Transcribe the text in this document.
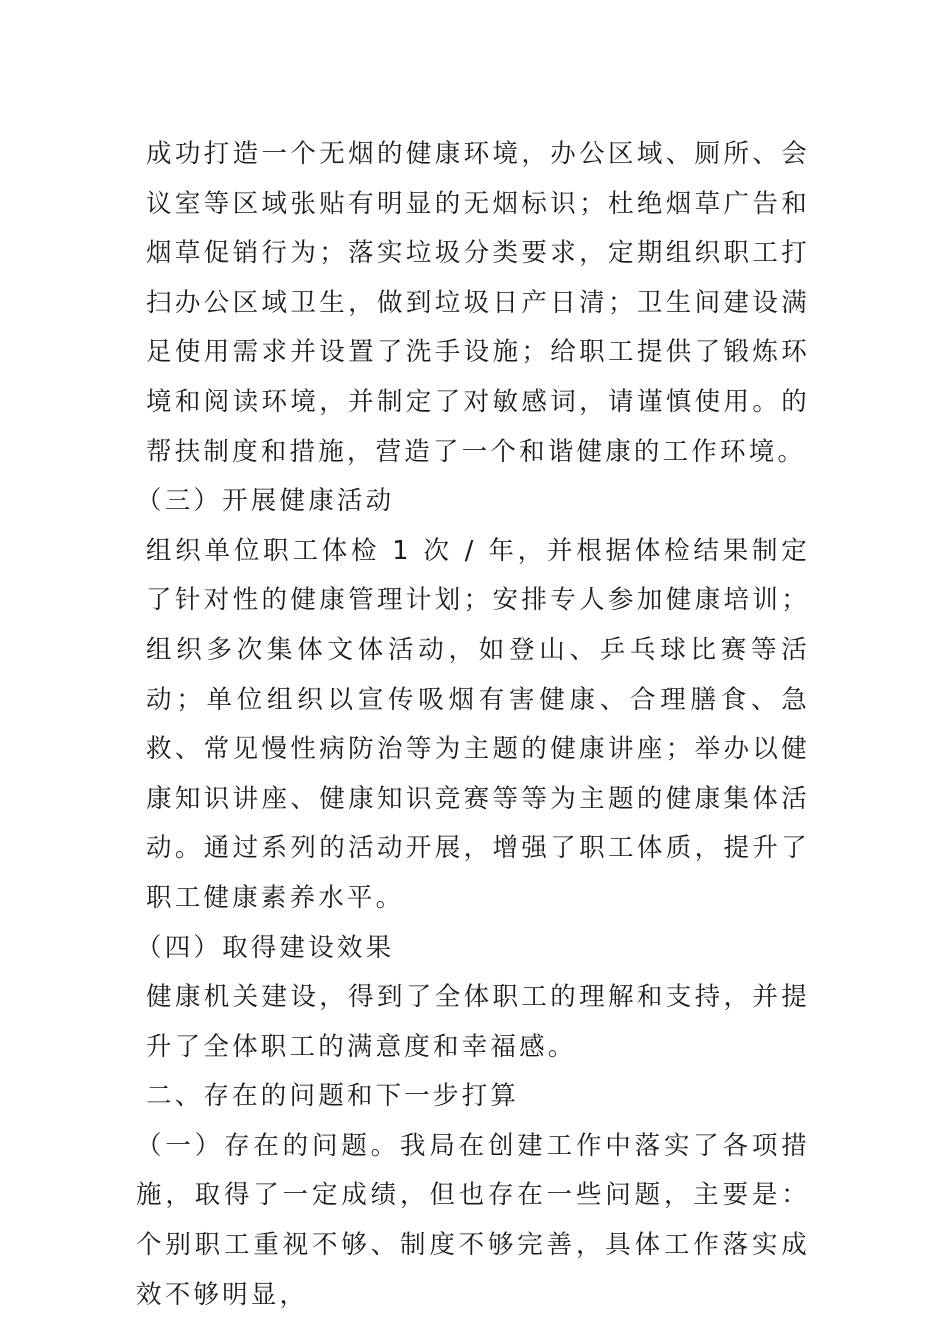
成功打造一个无烟的健康环境，办公区域、厕所、会议室等区域张贴有明显的无烟标识；杜绝烟草广告和烟草促销行为；落实垃圾分类要求，定期组织职工打扫办公区域卫生，做到垃圾日产日清；卫生间建设满足使用需求并设置了洗手设施；给职工提供了锻炼环境和阅读环境，并制定了对敏感词，请谨慎使用。的帮扶制度和措施，营造了一个和谐健康的工作环境。

（三）开展健康活动

组织单位职工体检 1 次 / 年，并根据体检结果制定了针对性的健康管理计划；安排专人参加健康培训；组织多次集体文体活动，如登山、乒乓球比赛等活动；单位组织以宣传吸烟有害健康、合理膳食、急救、常见慢性病防治等为主题的健康讲座；举办以健康知识讲座、健康知识竞赛等等为主题的健康集体活动。通过系列的活动开展，增强了职工体质，提升了职工健康素养水平。

（四）取得建设效果

健康机关建设，得到了全体职工的理解和支持，并提升了全体职工的满意度和幸福感。

二、存在的问题和下一步打算

（一）存在的问题。我局在创建工作中落实了各项措施，取得了一定成绩，但也存在一些问题，主要是：个别职工重视不够、制度不够完善，具体工作落实成效不够明显，
